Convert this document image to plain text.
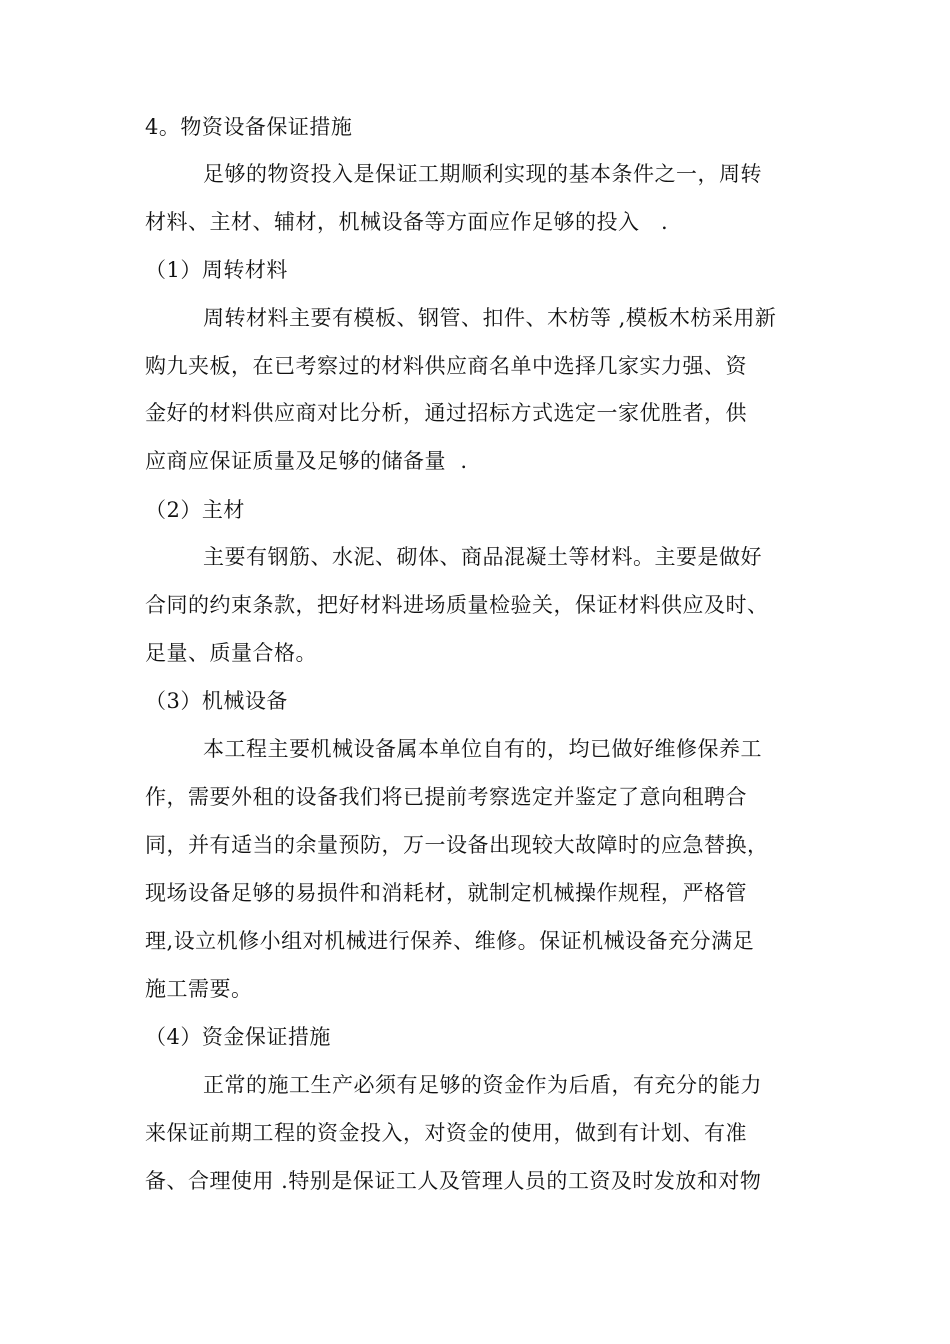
4。物资设备保证措施
足够的物资投入是保证工期顺利实现的基本条件之一，周转
材料、主材、辅材，机械设备等方面应作足够的投入   .
（1）周转材料
周转材料主要有模板、钢管、扣件、木枋等 ,模板木枋采用新
购九夹板，在已考察过的材料供应商名单中选择几家实力强、资
金好的材料供应商对比分析，通过招标方式选定一家优胜者，供
应商应保证质量及足够的储备量  .
（2）主材
主要有钢筋、水泥、砌体、商品混凝土等材料。主要是做好
合同的约束条款，把好材料进场质量检验关，保证材料供应及时、
足量、质量合格。
（3）机械设备
本工程主要机械设备属本单位自有的，均已做好维修保养工
作，需要外租的设备我们将已提前考察选定并鉴定了意向租聘合
同，并有适当的余量预防，万一设备出现较大故障时的应急替换，
现场设备足够的易损件和消耗材，就制定机械操作规程，严格管
理,设立机修小组对机械进行保养、维修。保证机械设备充分满足
施工需要。
（4）资金保证措施
正常的施工生产必须有足够的资金作为后盾，有充分的能力
来保证前期工程的资金投入，对资金的使用，做到有计划、有准
备、合理使用 .特别是保证工人及管理人员的工资及时发放和对物
